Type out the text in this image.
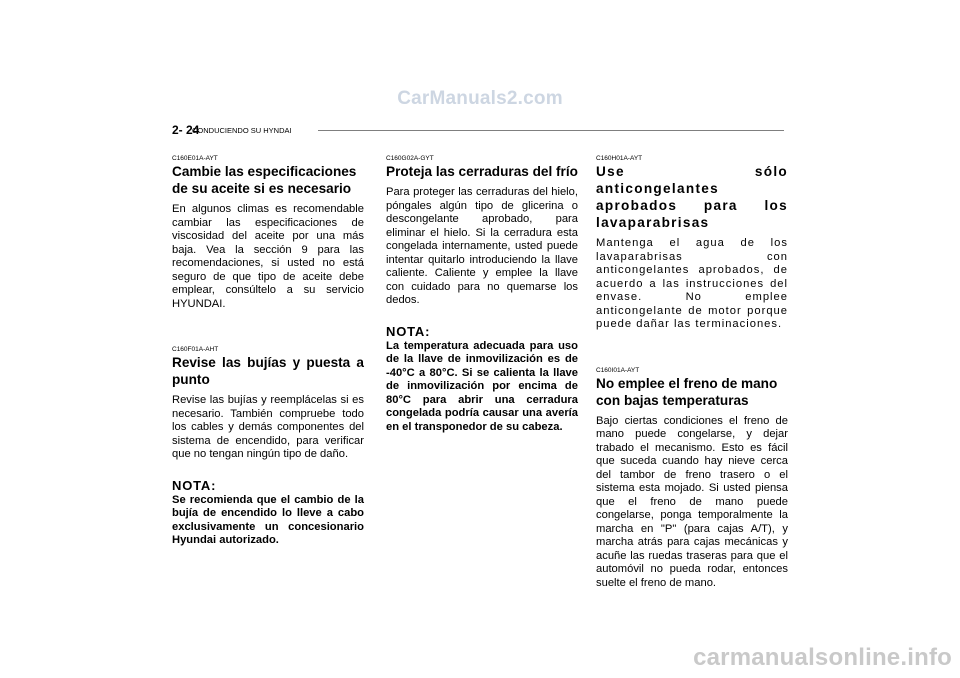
CarManuals2.com
2- 24
CONDUCIENDO SU HYNDAI

C160E01A-AYT

Cambie las especificaciones de su aceite si es necesario

En algunos climas es recomendable cambiar las especificaciones de viscosidad del aceite por una más baja. Vea la sección 9 para las recomendaciones, si usted no está seguro de que tipo de aceite debe emplear, consúltelo a su servicio HYUNDAI.

C160F01A-AHT

Revise las bujías y puesta a punto

Revise las bujías y reemplácelas si es necesario. También compruebe todo los cables y demás componentes del sistema de encendido, para verificar que no tengan ningún tipo de daño.

NOTA:

Se recomienda que el cambio de la bujía de encendido lo lleve a cabo exclusivamente un concesionario Hyundai autorizado.

C160G02A-GYT

Proteja las cerraduras del frío

Para proteger las cerraduras del hielo, póngales algún tipo de glicerina o descongelante aprobado, para eliminar el hielo. Si la cerradura esta congelada internamente, usted puede intentar quitarlo introduciendo la llave caliente. Caliente y emplee la llave con cuidado para no quemarse los dedos.

NOTA:

La temperatura adecuada para uso de la llave de inmovilización es de -40°C a 80°C. Si se calienta la llave de inmovilización por encima de 80°C para abrir una cerradura congelada podría causar una avería en el transponedor de su cabeza.

C160H01A-AYT

Use sólo anticongelantes aprobados para los lavaparabrisas

Mantenga el agua de los lavaparabrisas con anticongelantes aprobados, de acuerdo a las instrucciones del envase. No emplee anticongelante de motor porque puede dañar las terminaciones.

C160I01A-AYT

No emplee el freno de mano con bajas temperaturas

Bajo ciertas condiciones el freno de mano puede congelarse, y dejar trabado el mecanismo. Esto es fácil que suceda cuando hay nieve cerca del tambor de freno trasero o el sistema esta mojado. Si usted piensa que el freno de mano puede congelarse, ponga temporalmente la marcha en "P" (para cajas A/T), y marcha atrás para cajas mecánicas y acuñe las ruedas traseras para que el automóvil no pueda rodar, entonces suelte el freno de mano.

carmanualsonline.info
